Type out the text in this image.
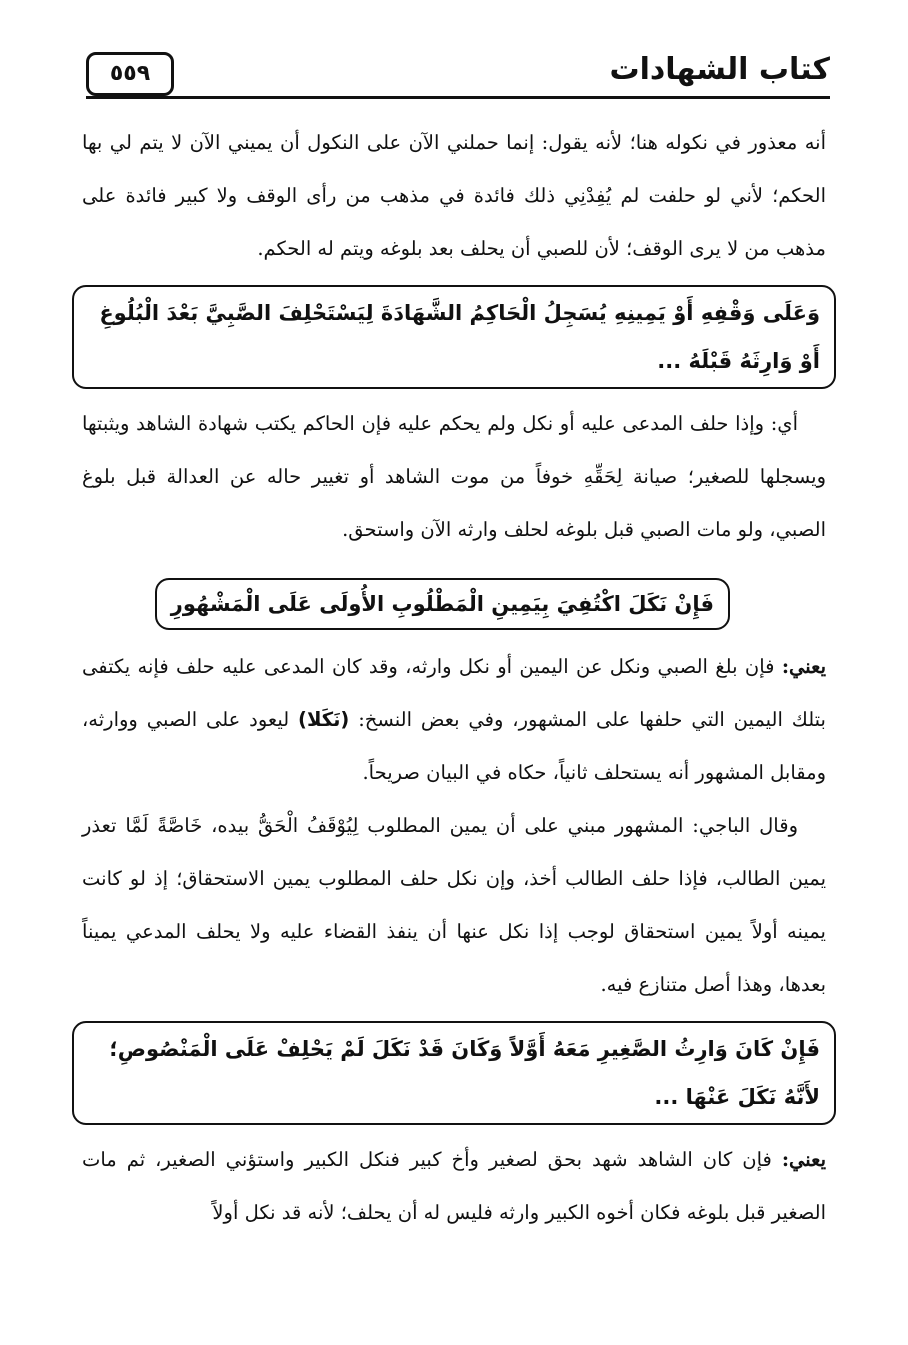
كتاب الشهادات
٥٥٩

أنه معذور في نكوله هنا؛ لأنه يقول: إنما حملني الآن على النكول أن يميني الآن لا يتم لي بها الحكم؛ لأني لو حلفت لم يُفِدْنِي ذلك فائدة في مذهب من رأى الوقف ولا كبير فائدة على مذهب من لا يرى الوقف؛ لأن للصبي أن يحلف بعد بلوغه ويتم له الحكم.

وَعَلَى وَقْفِهِ أَوْ يَمِينِهِ يُسَجِلُ الْحَاكِمُ الشَّهَادَةَ لِيَسْتَحْلِفَ الصَّبِيَّ بَعْدَ الْبُلُوغِ أَوْ وَارِثَهُ قَبْلَهُ ...

أي: وإذا حلف المدعى عليه أو نكل ولم يحكم عليه فإن الحاكم يكتب شهادة الشاهد ويثبتها ويسجلها للصغير؛ صيانة لِحَقِّهِ خوفاً من موت الشاهد أو تغيير حاله عن العدالة قبل بلوغ الصبي، ولو مات الصبي قبل بلوغه لحلف وارثه الآن واستحق.

فَإِنْ نَكَلَ اكْتُفِيَ بِيَمِينِ الْمَطْلُوبِ الأُولَى عَلَى الْمَشْهُورِ

يعني: فإن بلغ الصبي ونكل عن اليمين أو نكل وارثه، وقد كان المدعى عليه حلف فإنه يكتفى بتلك اليمين التي حلفها على المشهور، وفي بعض النسخ: (نَكَلا) ليعود على الصبي ووارثه، ومقابل المشهور أنه يستحلف ثانياً، حكاه في البيان صريحاً.

وقال الباجي: المشهور مبني على أن يمين المطلوب لِيُوْقَفُ الْحَقُّ بيده، خَاصَّةً لَمَّا تعذر يمين الطالب، فإذا حلف الطالب أخذ، وإن نكل حلف المطلوب يمين الاستحقاق؛ إذ لو كانت يمينه أولاً يمين استحقاق لوجب إذا نكل عنها أن ينفذ القضاء عليه ولا يحلف المدعي يميناً بعدها، وهذا أصل متنازع فيه.

فَإِنْ كَانَ وَارِثُ الصَّغِيرِ مَعَهُ أَوَّلاً وَكَانَ قَدْ نَكَلَ لَمْ يَحْلِفْ عَلَى الْمَنْصُوصِ؛ لأَنَّهُ نَكَلَ عَنْهَا ...

يعني: فإن كان الشاهد شهد بحق لصغير وأخ كبير فنكل الكبير واستؤني الصغير، ثم مات الصغير قبل بلوغه فكان أخوه الكبير وارثه فليس له أن يحلف؛ لأنه قد نكل أولاً
